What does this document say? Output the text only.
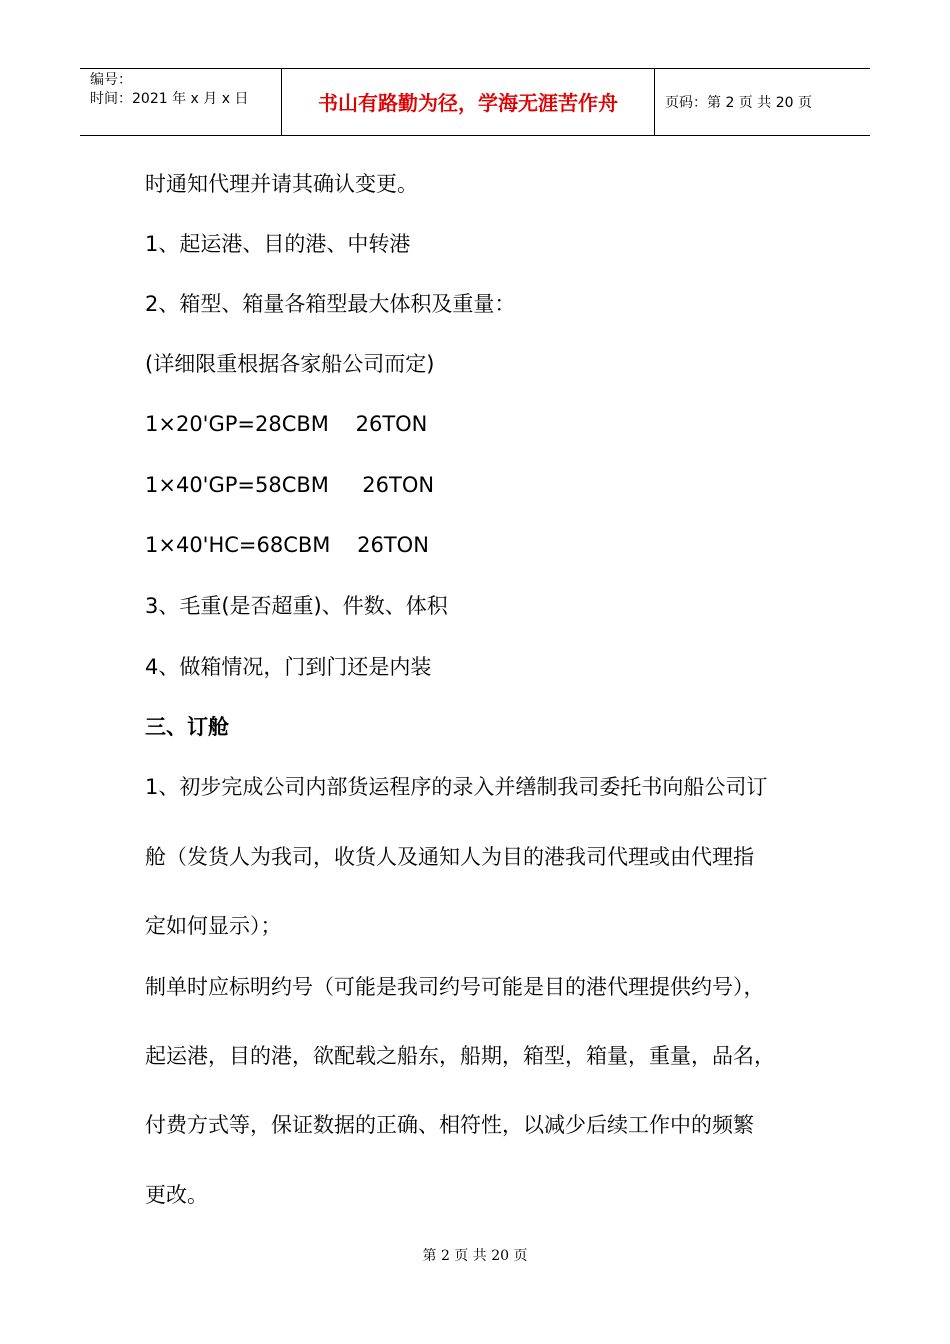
编号：
时间：2021 年 x 月 x 日	书山有路勤为径，学海无涯苦作舟	页码：第 2 页 共 20 页
时通知代理并请其确认变更。
1、起运港、目的港、中转港
2、箱型、箱量各箱型最大体积及重量：
(详细限重根据各家船公司而定)
1×20'GP=28CBM    26TON
1×40'GP=58CBM     26TON
1×40'HC=68CBM    26TON
3、毛重(是否超重)、件数、体积
4、做箱情况，门到门还是内装
三、订舱
1、初步完成公司内部货运程序的录入并缮制我司委托书向船公司订
舱（发货人为我司，收货人及通知人为目的港我司代理或由代理指
定如何显示）；
制单时应标明约号（可能是我司约号可能是目的港代理提供约号），
起运港，目的港，欲配载之船东，船期，箱型，箱量，重量，品名，
付费方式等，保证数据的正确、相符性，以减少后续工作中的频繁
更改。
第 2 页 共 20 页
